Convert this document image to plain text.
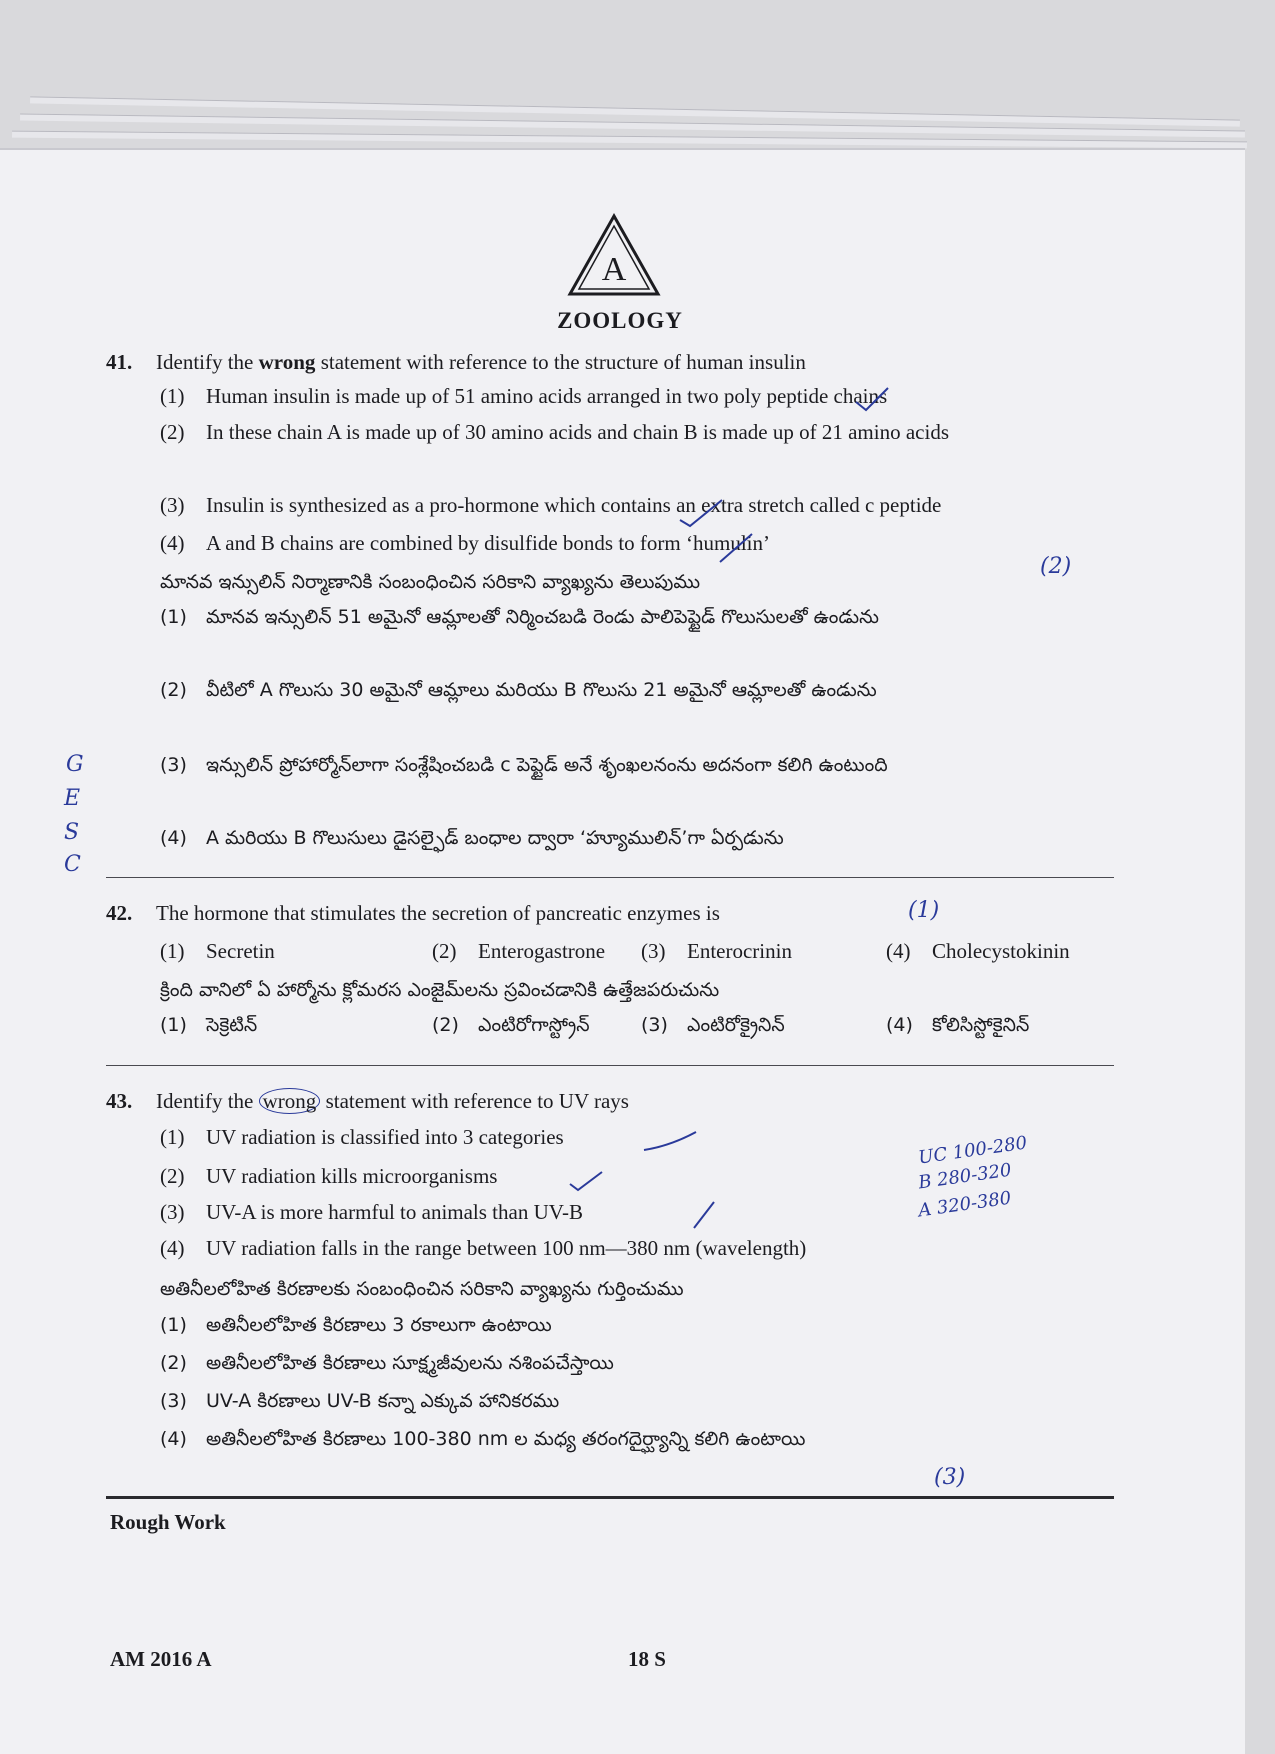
A
ZOOLOGY
41. Identify the wrong statement with reference to the structure of human insulin
(1) Human insulin is made up of 51 amino acids arranged in two poly peptide chains
(2) In these chain A is made up of 30 amino acids and chain B is made up of 21 amino acids
(3) Insulin is synthesized as a pro-hormone which contains an extra stretch called c peptide
(4) A and B chains are combined by disulfide bonds to form ‘humulin’
మానవ ఇన్సులిన్ నిర్మాణానికి సంబంధించిన సరికాని వ్యాఖ్యను తెలుపుము
(1) మానవ ఇన్సులిన్ 51 అమైనో ఆమ్లాలతో నిర్మించబడి రెండు పాలిపెప్టైడ్ గొలుసులతో ఉండును
(2) వీటిలో A గొలుసు 30 అమైనో ఆమ్లాలు మరియు B గొలుసు 21 అమైనో ఆమ్లాలతో ఉండును
(3) ఇన్సులిన్ ప్రోహార్మోన్‌లాగా సంశ్లేషించబడి c పెప్టైడ్ అనే శృంఖలనంను అదనంగా కలిగి ఉంటుంది
(4) A మరియు B గొలుసులు డైసల్ఫైడ్ బంధాల ద్వారా ‘హ్యూములిన్’గా ఏర్పడును
(2)
G
E
S
C
42. The hormone that stimulates the secretion of pancreatic enzymes is	(1)
(1) Secretin	(2) Enterogastrone (3) Enterocrinin	(4) Cholecystokinin
క్రింది వానిలో ఏ హార్మోను క్లోమరస ఎంజైమ్‌లను స్రవించడానికి ఉత్తేజపరుచును
(1) సెక్రెటిన్	(2) ఎంటిరోగాస్ట్రోన్	(3) ఎంటిరోక్రైనిన్	(4) కోలిసిస్టోకైనిన్
43. Identify the wrong statement with reference to UV rays
(1) UV radiation is classified into 3 categories
(2) UV radiation kills microorganisms
(3) UV-A is more harmful to animals than UV-B
(4) UV radiation falls in the range between 100 nm—380 nm (wavelength)
UC 100-280
B 280-320
A 320-380
అతినీలలోహిత కిరణాలకు సంబంధించిన సరికాని వ్యాఖ్యను గుర్తించుము
(1) అతినీలలోహిత కిరణాలు 3 రకాలుగా ఉంటాయి
(2) అతినీలలోహిత కిరణాలు సూక్ష్మజీవులను నశింపచేస్తాయి
(3) UV-A కిరణాలు UV-B కన్నా ఎక్కువ హానికరము
(4) అతినీలలోహిత కిరణాలు 100-380 nm ల మధ్య తరంగదైర్ఘ్యాన్ని కలిగి ఉంటాయి
(3)
Rough Work
AM 2016 A	18 S
